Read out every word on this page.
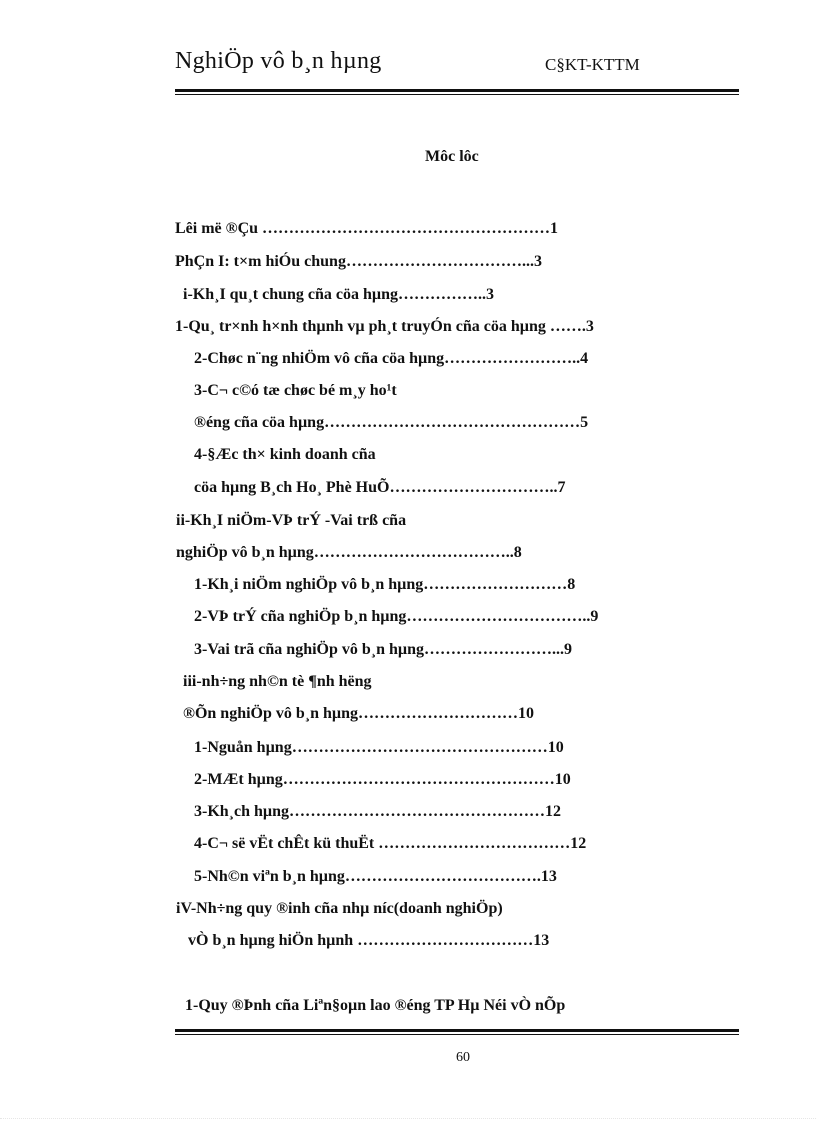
NghiÖp vô b¸n hµng	C§KT-KTTM
Môc lôc
Lêi më ®Çu ………………………………………………1
PhÇn I: t×m hiÓu chung……………………………...3
i-Kh¸I qu¸t chung cña cöa hµng……………..3
1-Qu¸ tr×nh h×nh thµnh vµ ph¸t truyÓn cña cöa hµng …….3
2-Chøc n¨ng nhiÖm vô cña cöa hµng……………………..4
3-C¬ c©ó tæ chøc bé m¸y ho¹t
®éng cña cöa hµng…………………………………………5
4-§Æc th× kinh doanh cña
cöa hµng B¸ch Ho¸ Phè HuÕ…………………………..7
ii-Kh¸I niÖm-VÞ trÝ -Vai trß cña
nghiÖp vô b¸n hµng………………………………..8
1-Kh¸i niÖm nghiÖp vô b¸n hµng………………………8
2-VÞ trÝ cña nghiÖp b¸n hµng……………………………..9
3-Vai trã cña nghiÖp vô b¸n hµng……………………...9
iii-nh÷ng nh©n tè ¶nh hëng
®Õn nghiÖp vô b¸n hµng…………………………10
1-Nguån hµng…………………………………………10
2-MÆt hµng……………………………………………10
3-Kh¸ch hµng…………………………………………12
4-C¬ së vËt chÊt kü thuËt ………………………………12
5-Nh©n viªn b¸n hµng……………………………….13
iV-Nh÷ng quy ®inh cña nhµ níc(doanh nghiÖp)
vÒ b¸n hµng hiÖn hµnh ……………………………13
1-Quy ®Þnh cña Liªn§oµn lao ®éng TP Hµ Néi vÒ nÕp
60
